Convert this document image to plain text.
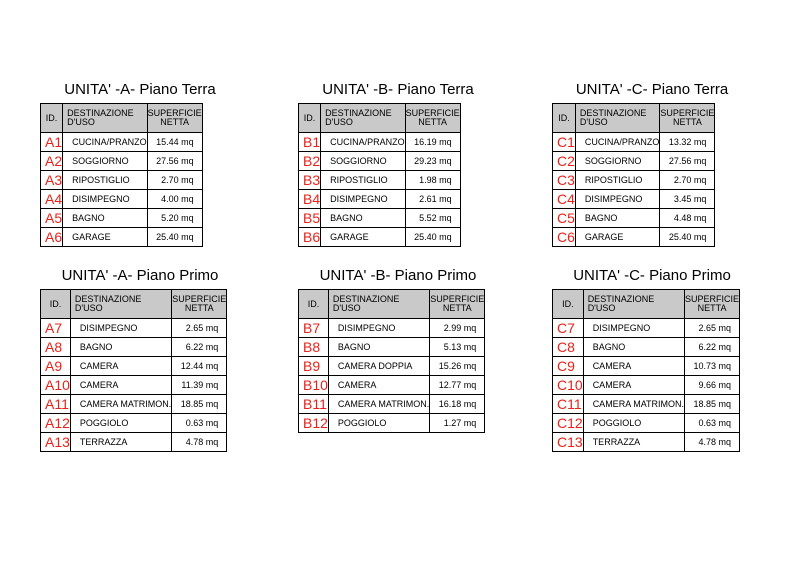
UNITA' -A- Piano Terra
ID.	DESTINAZIONE D'USO	SUPERFICIE
NETTA
A1	CUCINA/PRANZO	15.44 mq
A2	SOGGIORNO	27.56 mq
A3	RIPOSTIGLIO	2.70 mq
A4	DISIMPEGNO	4.00 mq
A5	BAGNO	5.20 mq
A6	GARAGE	25.40 mq
UNITA' -B- Piano Terra
ID.	DESTINAZIONE D'USO	SUPERFICIE
NETTA
B1	CUCINA/PRANZO	16.19 mq
B2	SOGGIORNO	29.23 mq
B3	RIPOSTIGLIO	1.98 mq
B4	DISIMPEGNO	2.61 mq
B5	BAGNO	5.52 mq
B6	GARAGE	25.40 mq
UNITA' -C- Piano Terra
ID.	DESTINAZIONE D'USO	SUPERFICIE
NETTA
C1	CUCINA/PRANZO	13.32 mq
C2	SOGGIORNO	27.56 mq
C3	RIPOSTIGLIO	2.70 mq
C4	DISIMPEGNO	3.45 mq
C5	BAGNO	4.48 mq
C6	GARAGE	25.40 mq
UNITA' -A- Piano Primo
ID.	DESTINAZIONE D'USO	SUPERFICIE
NETTA
A7	DISIMPEGNO	2.65 mq
A8	BAGNO	6.22 mq
A9	CAMERA	12.44 mq
A10	CAMERA	11.39 mq
A11	CAMERA MATRIMON.	18.85 mq
A12	POGGIOLO	0.63 mq
A13	TERRAZZA	4.78 mq
UNITA' -B- Piano Primo
ID.	DESTINAZIONE D'USO	SUPERFICIE
NETTA
B7	DISIMPEGNO	2.99 mq
B8	BAGNO	5.13 mq
B9	CAMERA DOPPIA	15.26 mq
B10	CAMERA	12.77 mq
B11	CAMERA MATRIMON.	16.18 mq
B12	POGGIOLO	1.27 mq
UNITA' -C- Piano Primo
ID.	DESTINAZIONE D'USO	SUPERFICIE
NETTA
C7	DISIMPEGNO	2.65 mq
C8	BAGNO	6.22 mq
C9	CAMERA	10.73 mq
C10	CAMERA	9.66 mq
C11	CAMERA MATRIMON.	18.85 mq
C12	POGGIOLO	0.63 mq
C13	TERRAZZA	4.78 mq
